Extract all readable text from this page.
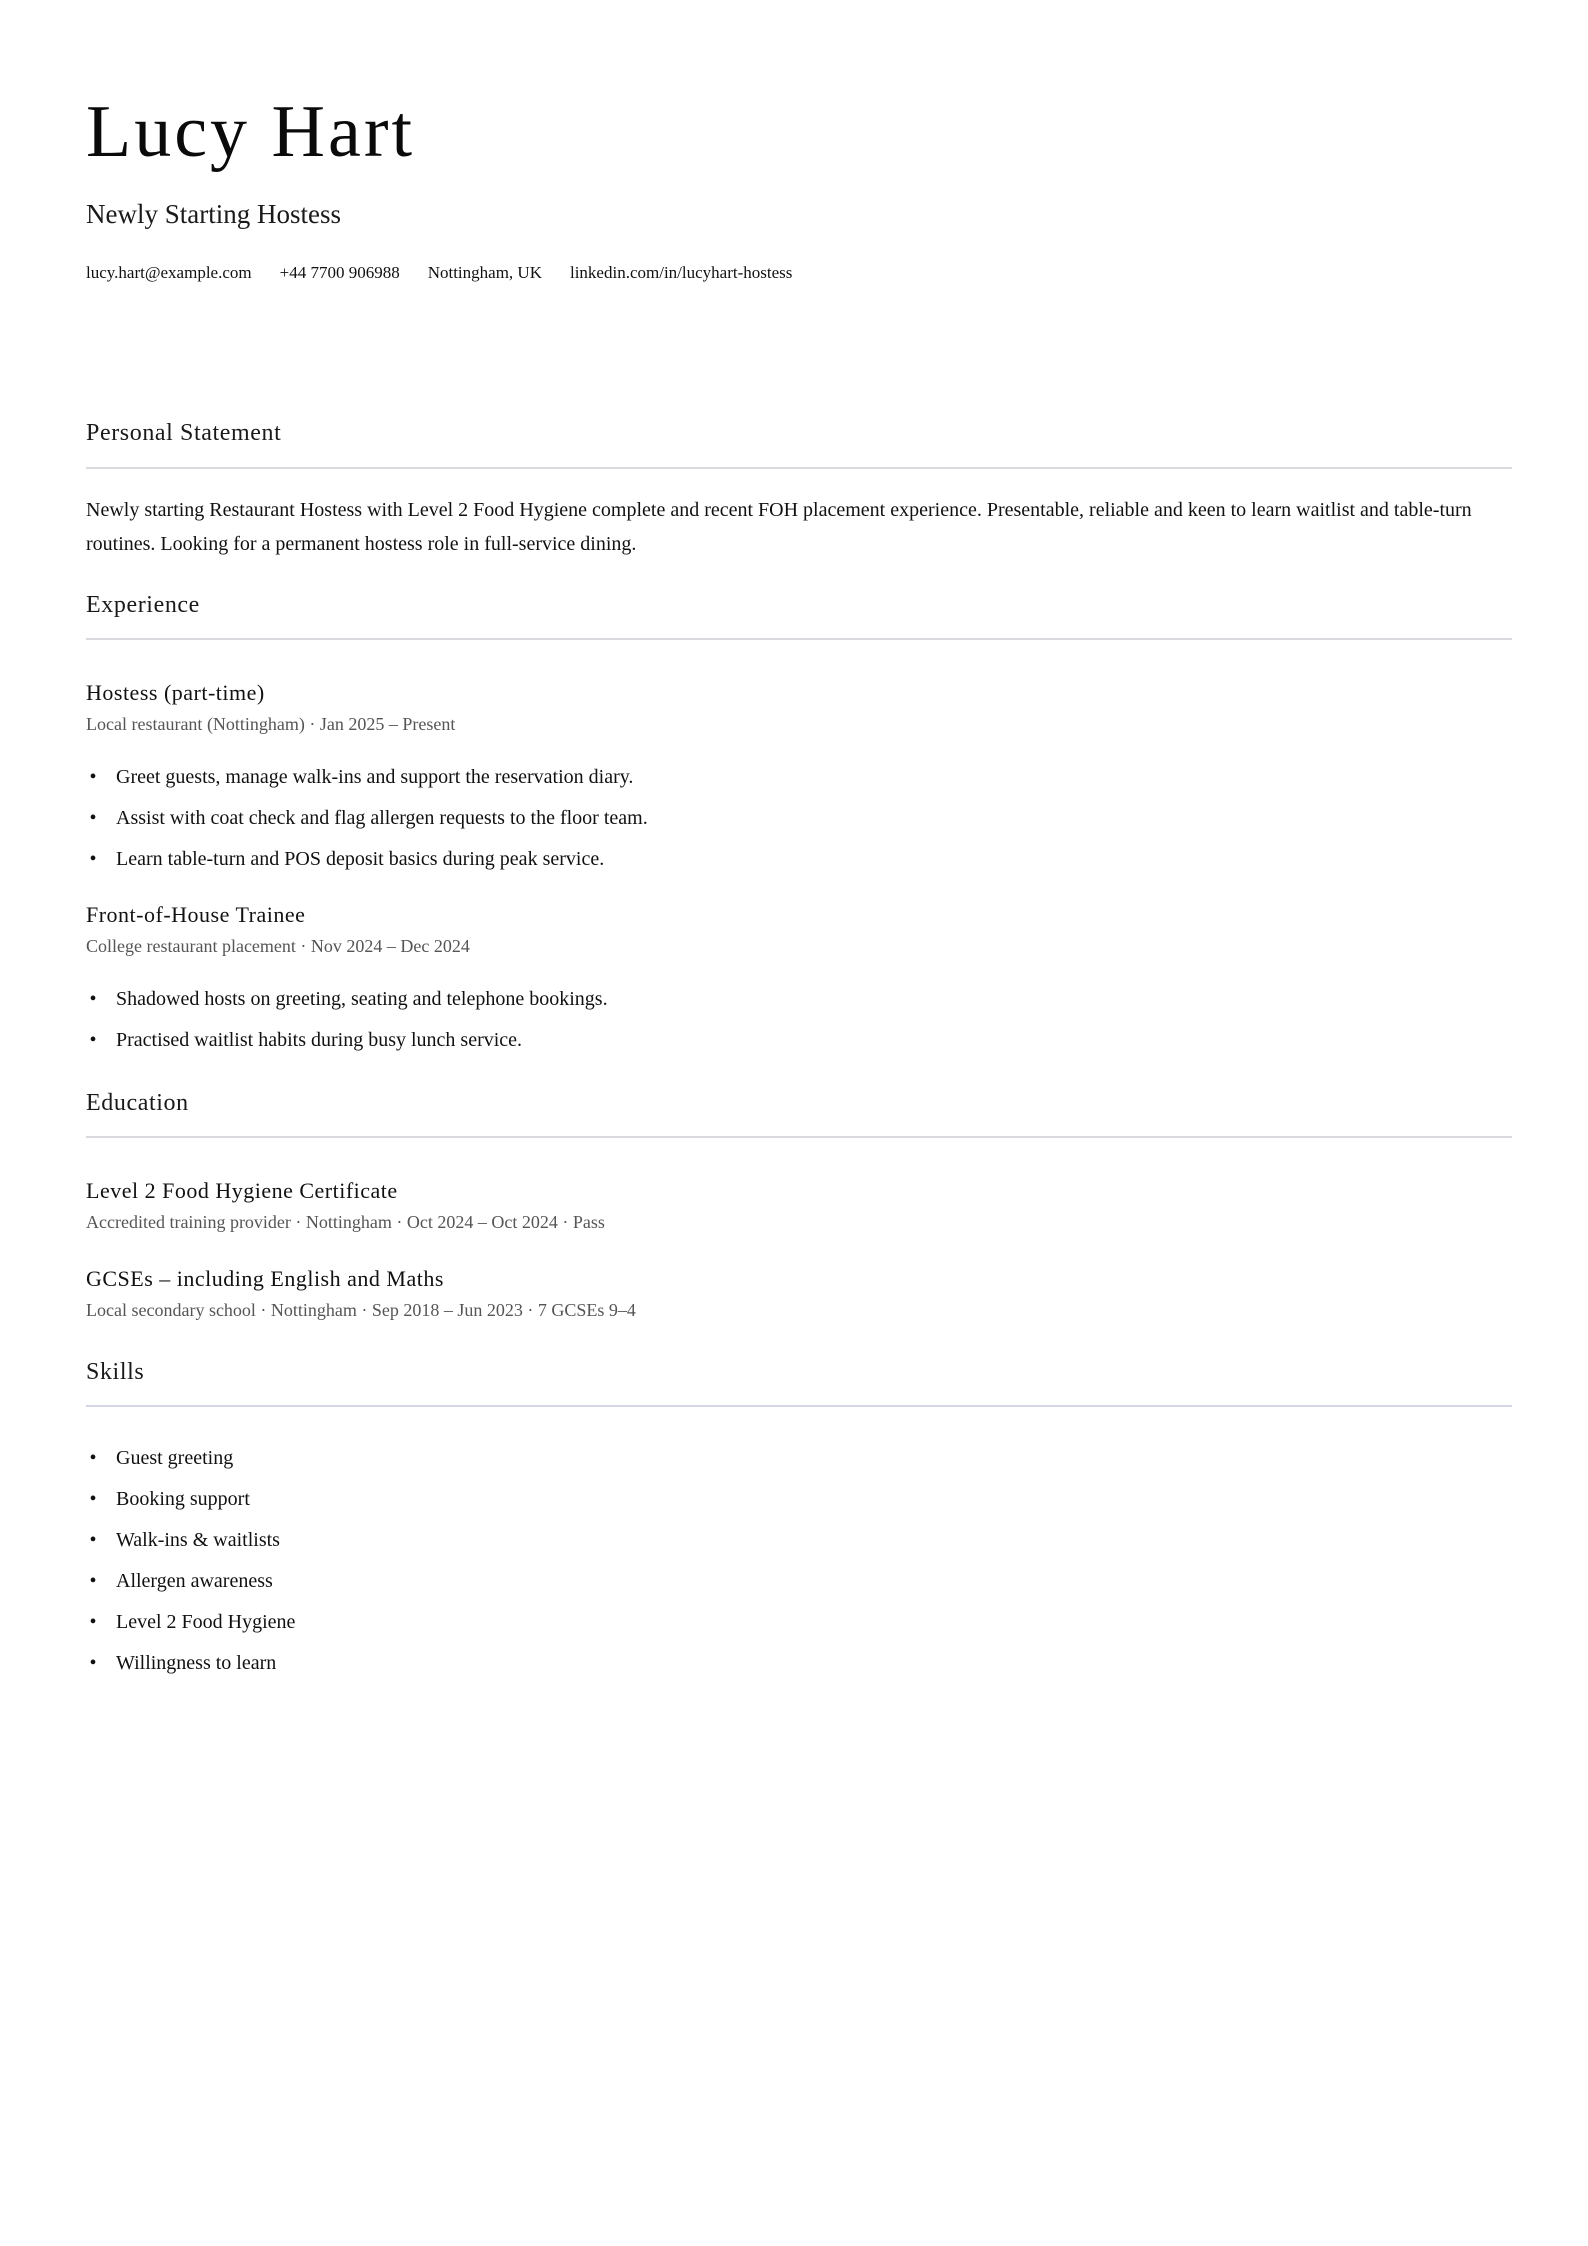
Lucy Hart
Newly Starting Hostess
lucy.hart@example.com +44 7700 906988 Nottingham, UK linkedin.com/in/lucyhart-hostess
Personal Statement
Newly starting Restaurant Hostess with Level 2 Food Hygiene complete and recent FOH placement experience. Presentable, reliable and keen to learn waitlist and table-turn routines. Looking for a permanent hostess role in full-service dining.
Experience
Hostess (part-time)
Local restaurant (Nottingham) · Jan 2025 – Present
• Greet guests, manage walk-ins and support the reservation diary.
• Assist with coat check and flag allergen requests to the floor team.
• Learn table-turn and POS deposit basics during peak service.
Front-of-House Trainee
College restaurant placement · Nov 2024 – Dec 2024
• Shadowed hosts on greeting, seating and telephone bookings.
• Practised waitlist habits during busy lunch service.
Education
Level 2 Food Hygiene Certificate
Accredited training provider · Nottingham · Oct 2024 – Oct 2024 · Pass
GCSEs – including English and Maths
Local secondary school · Nottingham · Sep 2018 – Jun 2023 · 7 GCSEs 9–4
Skills
• Guest greeting
• Booking support
• Walk-ins & waitlists
• Allergen awareness
• Level 2 Food Hygiene
• Willingness to learn
